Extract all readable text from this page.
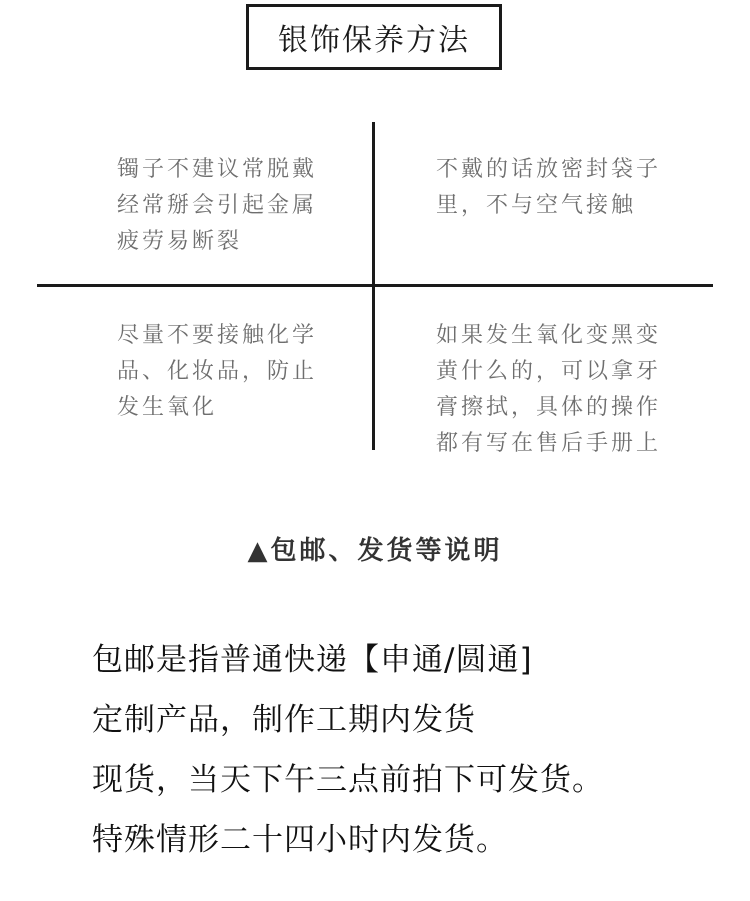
银饰保养方法
镯子不建议常脱戴
经常掰会引起金属
疲劳易断裂
不戴的话放密封袋子
里，不与空气接触
尽量不要接触化学
品、化妆品，防止
发生氧化
如果发生氧化变黑变
黄什么的，可以拿牙
膏擦拭，具体的操作
都有写在售后手册上
▲包邮、发货等说明
包邮是指普通快递【申通/圆通]
定制产品，制作工期内发货
现货，当天下午三点前拍下可发货。
特殊情形二十四小时内发货。
